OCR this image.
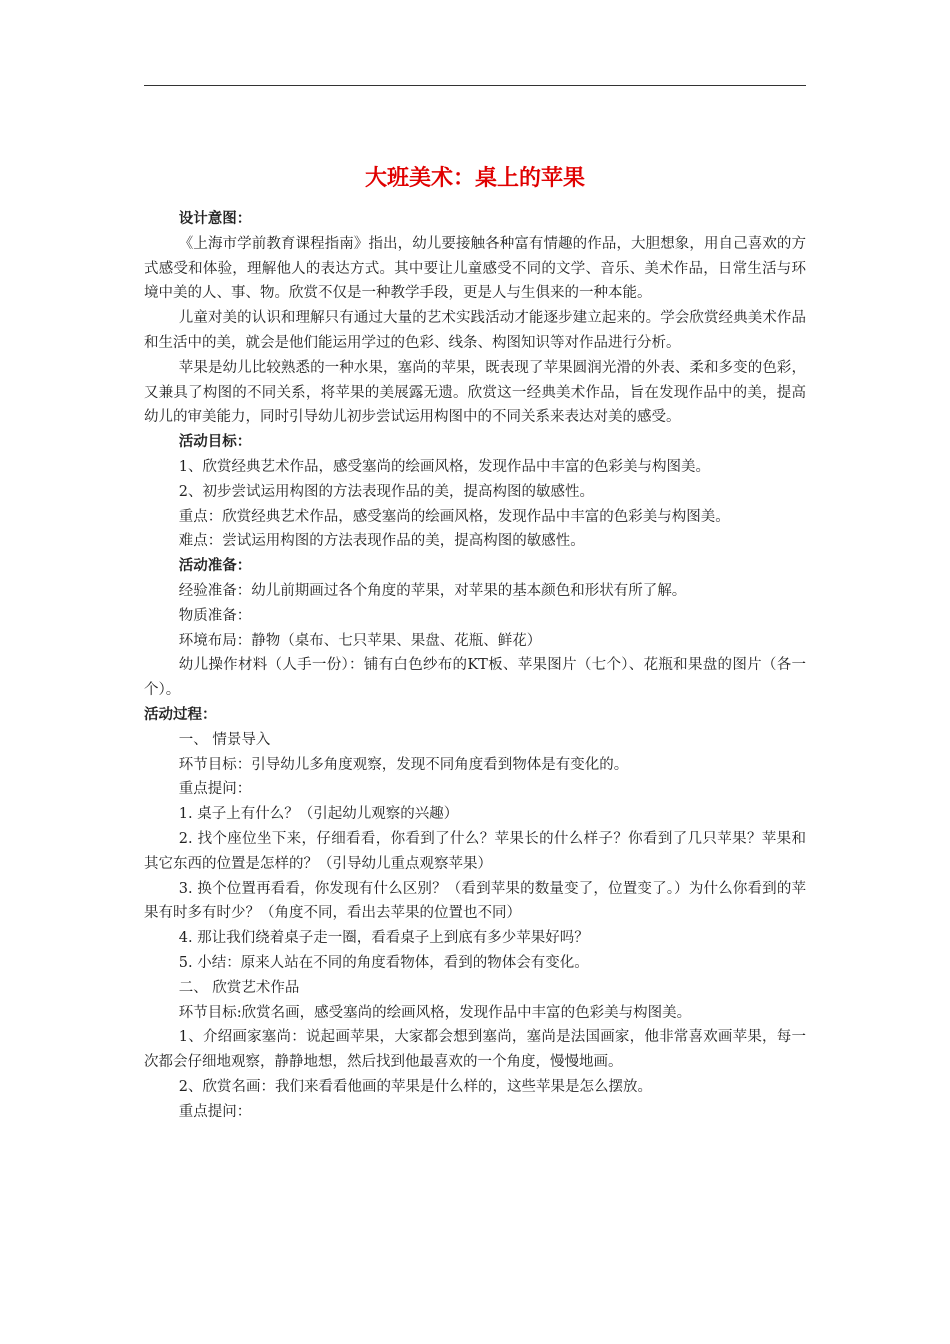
大班美术：桌上的苹果

设计意图：

《上海市学前教育课程指南》指出，幼儿要接触各种富有情趣的作品，大胆想象，用自己喜欢的方式感受和体验，理解他人的表达方式。其中要让儿童感受不同的文学、音乐、美术作品，日常生活与环境中美的人、事、物。欣赏不仅是一种教学手段，更是人与生俱来的一种本能。

儿童对美的认识和理解只有通过大量的艺术实践活动才能逐步建立起来的。学会欣赏经典美术作品和生活中的美，就会是他们能运用学过的色彩、线条、构图知识等对作品进行分析。

苹果是幼儿比较熟悉的一种水果，塞尚的苹果，既表现了苹果圆润光滑的外表、柔和多变的色彩，又兼具了构图的不同关系，将苹果的美展露无遗。欣赏这一经典美术作品，旨在发现作品中的美，提高幼儿的审美能力，同时引导幼儿初步尝试运用构图中的不同关系来表达对美的感受。

活动目标：

1、欣赏经典艺术作品，感受塞尚的绘画风格，发现作品中丰富的色彩美与构图美。

2、初步尝试运用构图的方法表现作品的美，提高构图的敏感性。

重点：欣赏经典艺术作品，感受塞尚的绘画风格，发现作品中丰富的色彩美与构图美。

难点：尝试运用构图的方法表现作品的美，提高构图的敏感性。

活动准备：

经验准备：幼儿前期画过各个角度的苹果，对苹果的基本颜色和形状有所了解。

物质准备：

环境布局：静物（桌布、七只苹果、果盘、花瓶、鲜花）

幼儿操作材料（人手一份）：铺有白色纱布的KT板、苹果图片（七个）、花瓶和果盘的图片（各一个）。

活动过程：

一、 情景导入

环节目标：引导幼儿多角度观察，发现不同角度看到物体是有变化的。

重点提问：

1. 桌子上有什么？（引起幼儿观察的兴趣）

2. 找个座位坐下来，仔细看看，你看到了什么？苹果长的什么样子？你看到了几只苹果？苹果和其它东西的位置是怎样的？（引导幼儿重点观察苹果）

3. 换个位置再看看，你发现有什么区别？（看到苹果的数量变了，位置变了。）为什么你看到的苹果有时多有时少？（角度不同，看出去苹果的位置也不同）

4. 那让我们绕着桌子走一圈，看看桌子上到底有多少苹果好吗？

5. 小结：原来人站在不同的角度看物体，看到的物体会有变化。

二、 欣赏艺术作品

环节目标:欣赏名画，感受塞尚的绘画风格，发现作品中丰富的色彩美与构图美。

1、介绍画家塞尚：说起画苹果，大家都会想到塞尚，塞尚是法国画家，他非常喜欢画苹果，每一次都会仔细地观察，静静地想，然后找到他最喜欢的一个角度，慢慢地画。

2、欣赏名画：我们来看看他画的苹果是什么样的，这些苹果是怎么摆放。

重点提问：
